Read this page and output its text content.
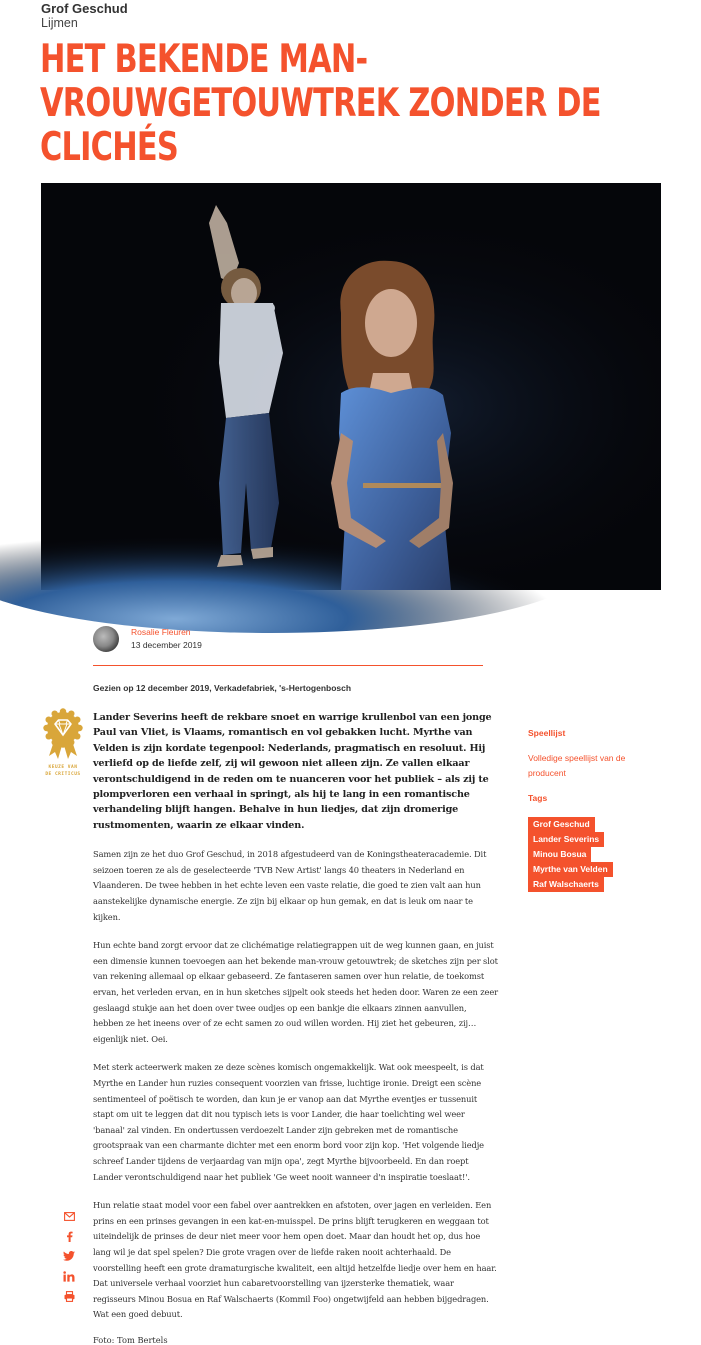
Grof Geschud
Lijmen
HET BEKENDE MAN-
VROUWGETOUWTREK ZONDER DE
CLICHÉS
Rosalie Fleuren
13 december 2019
Gezien op 12 december 2019, Verkadefabriek, 's-Hertogenbosch
KEUZE VAN
DE CRITICUS

Lander Severins heeft de rekbare snoet en warrige krullenbol van een jonge Paul van Vliet, is Vlaams, romantisch en vol gebakken lucht. Myrthe van Velden is zijn kordate tegenpool: Nederlands, pragmatisch en resoluut. Hij verliefd op de liefde zelf, zij wil gewoon niet alleen zijn. Ze vallen elkaar verontschuldigend in de reden om te nuanceren voor het publiek – als zij te plompverloren een verhaal in springt, als hij te lang in een romantische verhandeling blijft hangen. Behalve in hun liedjes, dat zijn dromerige rustmomenten, waarin ze elkaar vinden.

Samen zijn ze het duo Grof Geschud, in 2018 afgestudeerd van de Koningstheateracademie. Dit seizoen toeren ze als de geselecteerde 'TVB New Artist' langs 40 theaters in Nederland en Vlaanderen. De twee hebben in het echte leven een vaste relatie, die goed te zien valt aan hun aanstekelijke dynamische energie. Ze zijn bij elkaar op hun gemak, en dat is leuk om naar te kijken.

Hun echte band zorgt ervoor dat ze clichématige relatiegrappen uit de weg kunnen gaan, en juist een dimensie kunnen toevoegen aan het bekende man-vrouw getouwtrek; de sketches zijn per slot van rekening allemaal op elkaar gebaseerd. Ze fantaseren samen over hun relatie, de toekomst ervan, het verleden ervan, en in hun sketches sijpelt ook steeds het heden door. Waren ze een zeer geslaagd stukje aan het doen over twee oudjes op een bankje die elkaars zinnen aanvullen, hebben ze het ineens over of ze echt samen zo oud willen worden. Hij ziet het gebeuren, zij… eigenlijk niet. Oei.

Met sterk acteerwerk maken ze deze scènes komisch ongemakkelijk. Wat ook meespeelt, is dat Myrthe en Lander hun ruzies consequent voorzien van frisse, luchtige ironie. Dreigt een scène sentimenteel of poëtisch te worden, dan kun je er vanop aan dat Myrthe eventjes er tussenuit stapt om uit te leggen dat dit nou typisch iets is voor Lander, die haar toelichting wel weer 'banaal' zal vinden. En ondertussen verdoezelt Lander zijn gebreken met de romantische grootspraak van een charmante dichter met een enorm bord voor zijn kop. 'Het volgende liedje schreef Lander tijdens de verjaardag van mijn opa', zegt Myrthe bijvoorbeeld. En dan roept Lander verontschuldigend naar het publiek 'Ge weet nooit wanneer d'n inspiratie toeslaat!'.

Hun relatie staat model voor een fabel over aantrekken en afstoten, over jagen en verleiden. Een prins en een prinses gevangen in een kat-en-muisspel. De prins blijft terugkeren en weggaan tot uiteindelijk de prinses de deur niet meer voor hem open doet. Maar dan houdt het op, dus hoe lang wil je dat spel spelen? Die grote vragen over de liefde raken nooit achterhaald. De voorstelling heeft een grote dramaturgische kwaliteit, een altijd hetzelfde liedje over hem en haar. Dat universele verhaal voorziet hun cabaretvoorstelling van ijzersterke thematiek, waar regisseurs Minou Bosua en Raf Walschaerts (Kommil Foo) ongetwijfeld aan hebben bijgedragen. Wat een goed debuut.

Foto: Tom Bertels

Speellijst
Volledige speellijst van de producent
Tags
Grof Geschud
Lander Severins
Minou Bosua
Myrthe van Velden
Raf Walschaerts
